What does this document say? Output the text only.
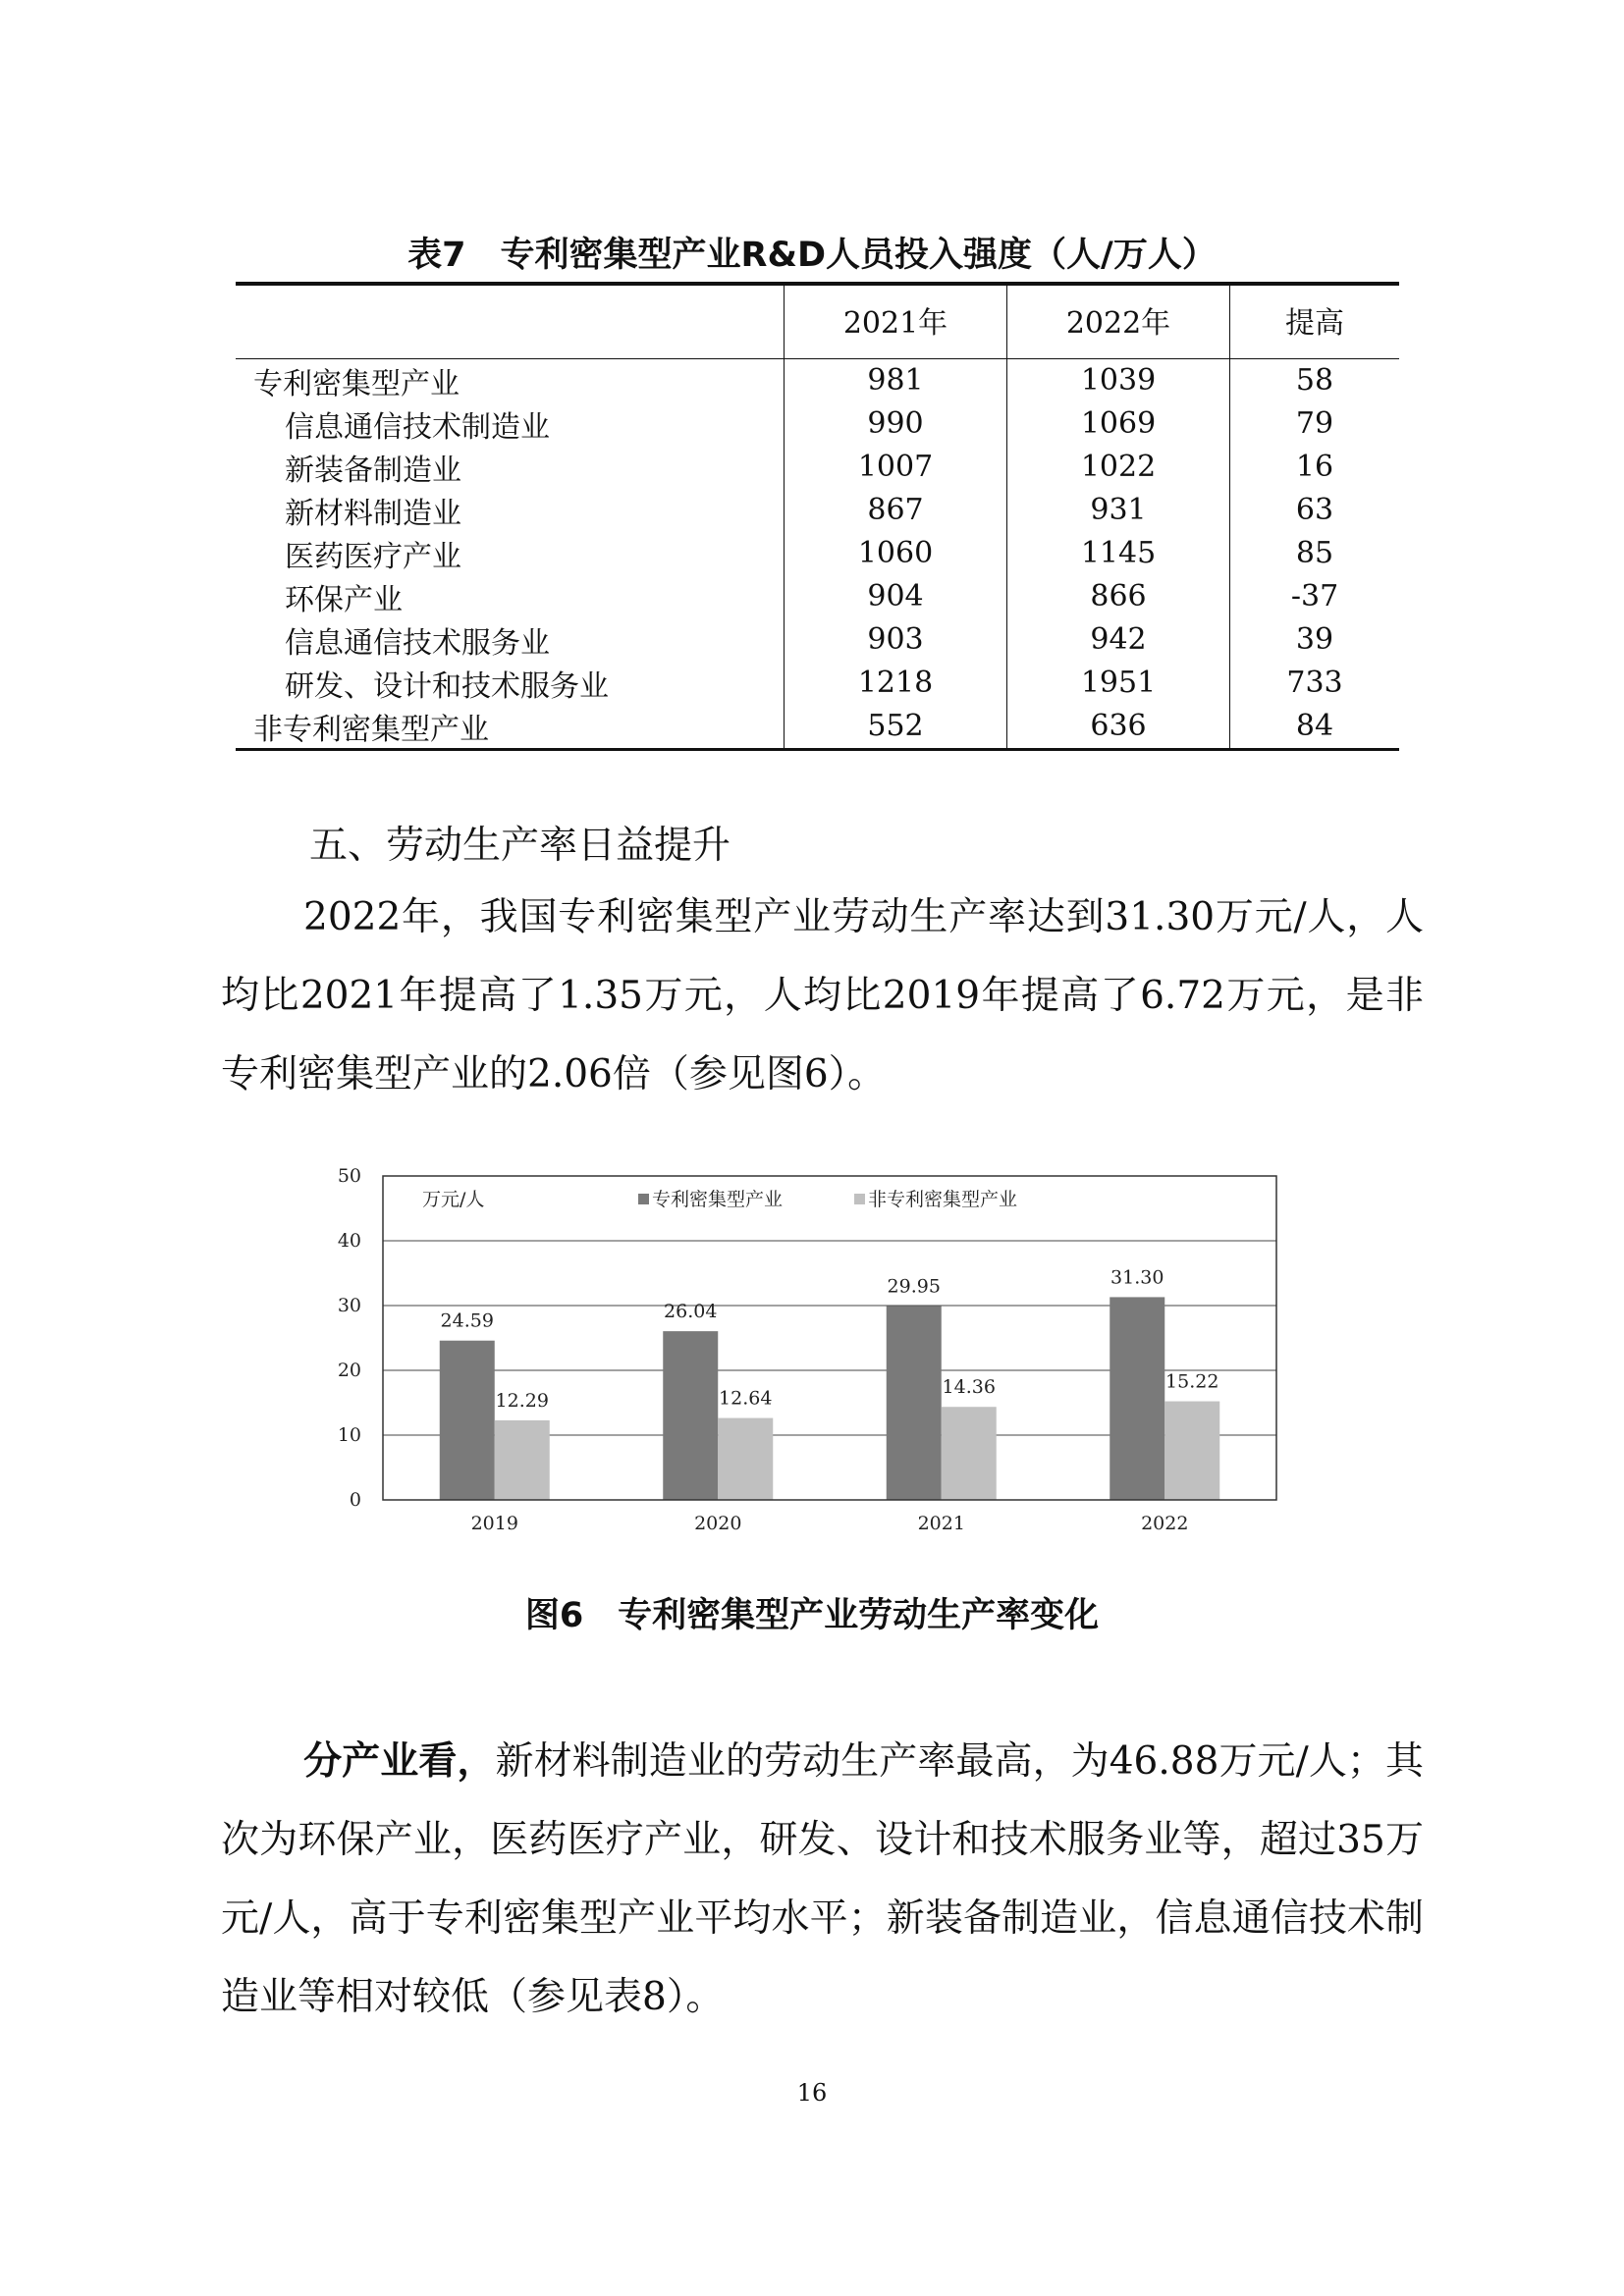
表7　专利密集型产业R&D人员投入强度（人/万人）
	2021年	2022年	提高
专利密集型产业	981	1039	58
信息通信技术制造业	990	1069	79
新装备制造业	1007	1022	16
新材料制造业	867	931	63
医药医疗产业	1060	1145	85
环保产业	904	866	-37
信息通信技术服务业	903	942	39
研发、设计和技术服务业	1218	1951	733
非专利密集型产业	552	636	84
五、劳动生产率日益提升
2022年，我国专利密集型产业劳动生产率达到31.30万元/人，人均比2021年提高了1.35万元，人均比2019年提高了6.72万元，是非专利密集型产业的2.06倍（参见图6）。
24.59
12.29
26.04
12.64
29.95
14.36
31.30
15.22
0
10
20
30
40
50
2019	2020	2021	2022
万元/人	专利密集型产业	非专利密集型产业
图6　专利密集型产业劳动生产率变化
分产业看，新材料制造业的劳动生产率最高，为46.88万元/人；其次为环保产业，医药医疗产业，研发、设计和技术服务业等，超过35万元/人，高于专利密集型产业平均水平；新装备制造业，信息通信技术制造业等相对较低（参见表8）。
16
